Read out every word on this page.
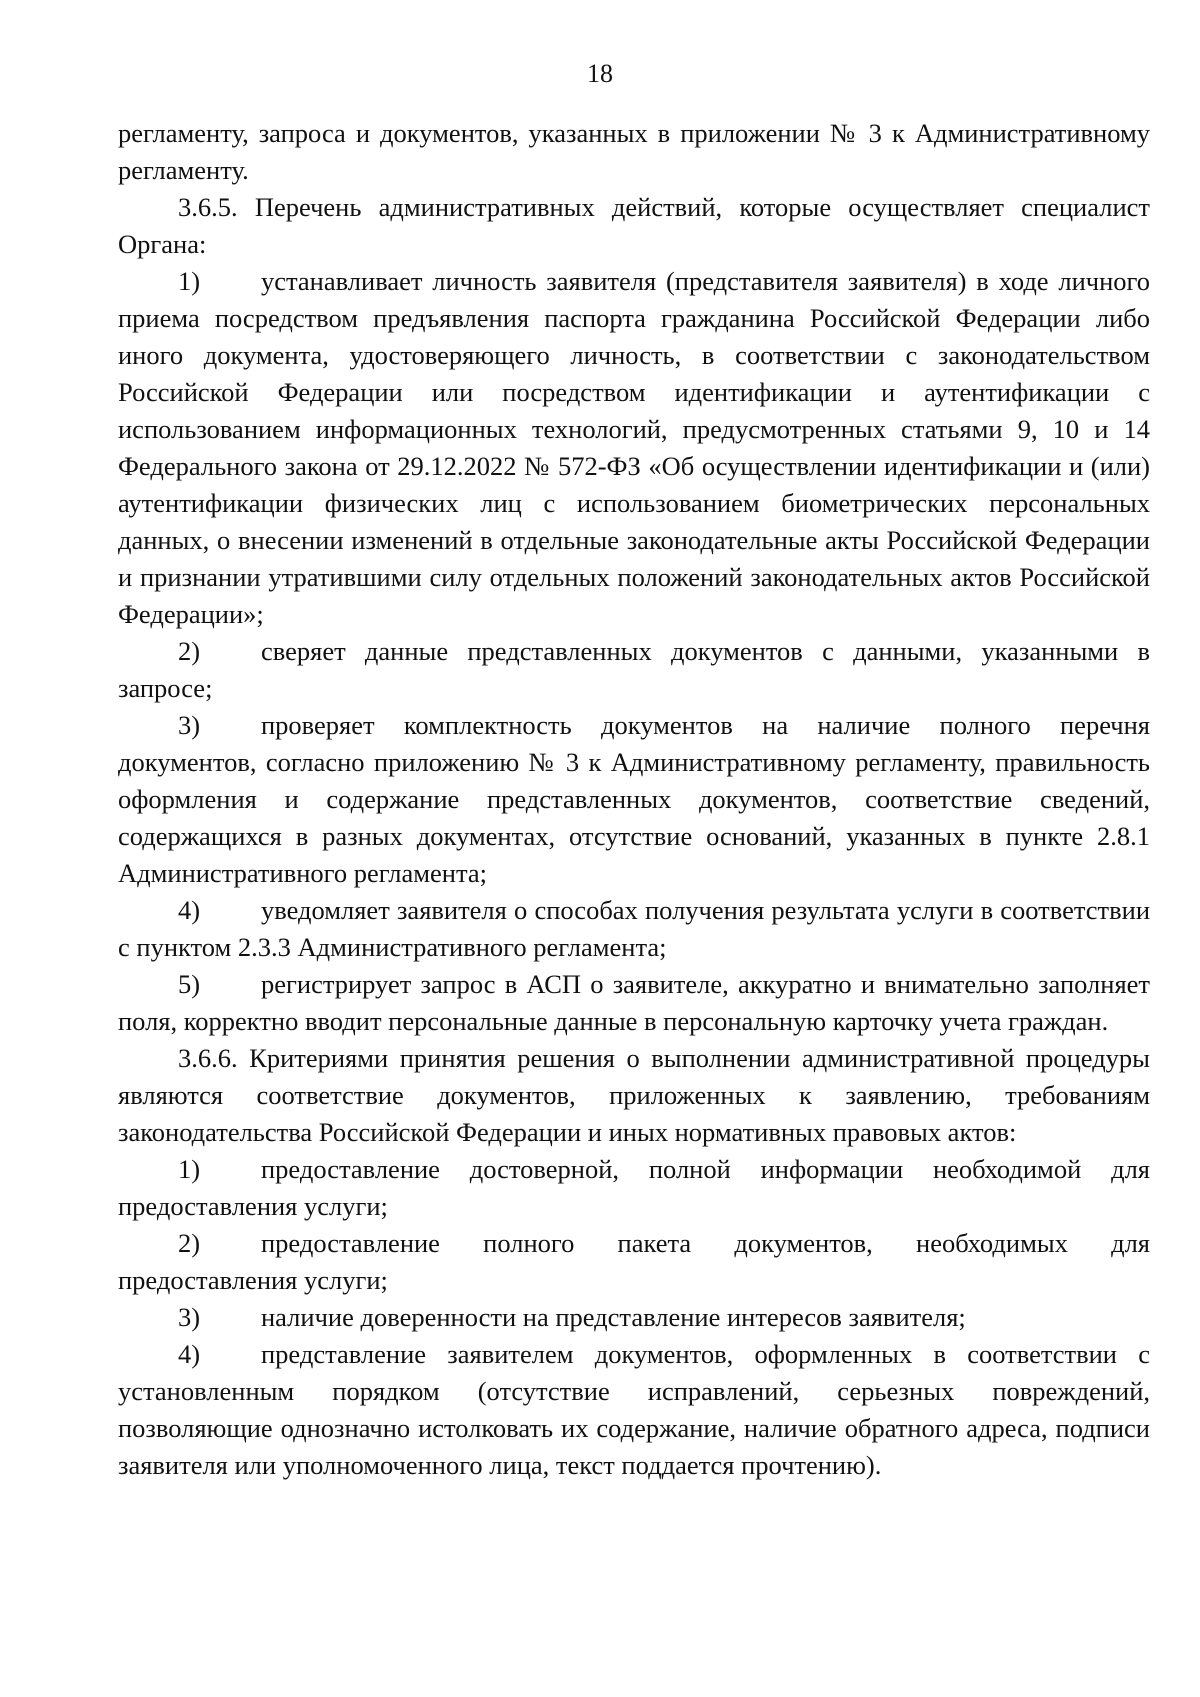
18

регламенту, запроса и документов, указанных в приложении № 3 к Административному регламенту.

3.6.5. Перечень административных действий, которые осуществляет специалист Органа:

1) устанавливает личность заявителя (представителя заявителя) в ходе личного приема посредством предъявления паспорта гражданина Российской Федерации либо иного документа, удостоверяющего личность, в соответствии с законодательством Российской Федерации или посредством идентификации и аутентификации с использованием информационных технологий, предусмотренных статьями 9, 10 и 14 Федерального закона от 29.12.2022 № 572-ФЗ «Об осуществлении идентификации и (или) аутентификации физических лиц с использованием биометрических персональных данных, о внесении изменений в отдельные законодательные акты Российской Федерации и признании утратившими силу отдельных положений законодательных актов Российской Федерации»;

2) сверяет данные представленных документов с данными, указанными в запросе;

3) проверяет комплектность документов на наличие полного перечня документов, согласно приложению № 3 к Административному регламенту, правильность оформления и содержание представленных документов, соответствие сведений, содержащихся в разных документах, отсутствие оснований, указанных в пункте 2.8.1 Административного регламента;

4) уведомляет заявителя о способах получения результата услуги в соответствии с пунктом 2.3.3 Административного регламента;

5) регистрирует запрос в АСП о заявителе, аккуратно и внимательно заполняет поля, корректно вводит персональные данные в персональную карточку учета граждан.

3.6.6. Критериями принятия решения о выполнении административной процедуры являются соответствие документов, приложенных к заявлению, требованиям законодательства Российской Федерации и иных нормативных правовых актов:

1) предоставление достоверной, полной информации необходимой для предоставления услуги;

2) предоставление полного пакета документов, необходимых для предоставления услуги;

3) наличие доверенности на представление интересов заявителя;

4) представление заявителем документов, оформленных в соответствии с установленным порядком (отсутствие исправлений, серьезных повреждений, позволяющие однозначно истолковать их содержание, наличие обратного адреса, подписи заявителя или уполномоченного лица, текст поддается прочтению).
